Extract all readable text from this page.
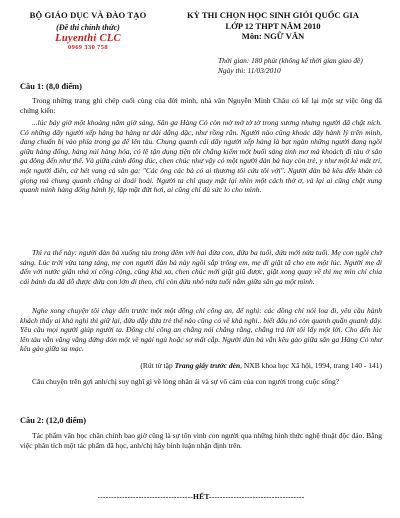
BỘ GIÁO DỤC VÀ ĐÀO TẠO
(Đề thi chính thức)
Luyenthi CLC
0969 330 758
KỲ THI CHỌN HỌC SINH GIỎI QUỐC GIA
LỚP 12 THPT NĂM 2010
Môn: NGỮ VĂN
Thời gian: 180 phút (không kể thời gian giao đề)
Ngày thi: 11/03/2010
Câu 1: (8,0 điểm)

Trong những trang ghi chép cuối cùng của đời mình, nhà văn Nguyễn Minh Châu có kể lại một sự việc ông đã chứng kiến:

...lúc bảy giờ một khoảng năm giờ sáng, Sân ga Hàng Cỏ còn mờ mờ tờ tờ trong sương nhưng người đã chật ních. Có những dãy người xếp hàng ba hàng tư dài dằng dặc, như rồng rắn. Người nào cũng khoác dây hành lý trên mình, đang chuẩn bị vào phía trong ga để lên tàu. Chung quanh cái dãy người xếp hàng là bạt ngàn những người đang ngồi giữa hàng đống, hàng núi hàng hóa, có lẽ tận dụng tiện tôi chẳng kiếm một buổi sáng tinh mơ mà khoách đi tàu ở sân ga đông đến như thế. Và giữa cảnh đông đúc, chen chúc như vậy có một người đàn bà hay còn trẻ, y như một kẻ mất trí, một người điên, cứ hét vang cả sân ga: "Các ông các bà có ai thương tôi cứu tôi với". Người đàn bà kêu đến khản cả giọng mà chung quanh chẳng ai đoái hoài. Người ta chỉ quay mặt lại nhìn một cách thờ ơ, và lại ai cũng chặt xung quanh mình hàng đống hành lý, lặp mặt đứt hơi, ai cũng chỉ đủ sức lo cho mình.

Thì ra thế này: người đàn bà xuống tàu trong đêm với hai đứa con, đứa ba tuổi, đứa mới nửa tuổi. Mẹ con ngồi chờ sáng. Lúc trời vừa tang tảng, mẹ con người đàn bà này ngồi sắp trông em, mẹ đi giặt tã cho em một lúc. Người mẹ đi đến với nước giãn nhà xí công cộng, cũng khá xa, chen chúc mới giặt giũ được, giặt xong quay về thì mẹ mìn chỉ chia cái bánh đa đã dỗ được đứa con lớn đi theo, chỉ còn đứa nhỏ nửa tuổi nằm giữa sân ga một mình.

Nghe xong chuyện tôi chạy đến trước một một đồng chí công an, để nghị: các đồng chí nói loa đi, yêu cầu hành khách thấy ai khả nghi thì giữ lại, đứa dẫy đứa trẻ thế nào cũng có về khả nghi.. biết đâu nó còn quanh quẩn quanh đây. Yêu cầu mọi người giúp người ta. Đồng chí công an chẳng nói chẳng rằng, chẳng trả lời tôi lấy một lời. Cho đến lúc lên tàu vẫn văng vẳng đứng đón một về ngài ngủ hoặc sợ mất cắp. Người đàn bà vẫn kêu gào giữa sân ga Hàng Cỏ như kêu gào giữa sa mạc.

(Rút từ tập Trang giấy trước đèn, NXB khoa học Xã hội, 1994, trang 140 - 141)

Câu chuyện trên gợi anh/chị suy nghĩ gì về lòng nhân ái và sự vô cảm của con người trong cuộc sống?

Câu 2: (12,0 điểm)

Tác phẩm văn học chân chính bao giờ cũng là sự tôn vinh con người qua những hình thức nghệ thuật độc đáo. Bằng việc phân tích một tác phẩm đã học, anh/chị hãy bình luận nhận định trên.

-----------------------------------HẾT-----------------------------------
